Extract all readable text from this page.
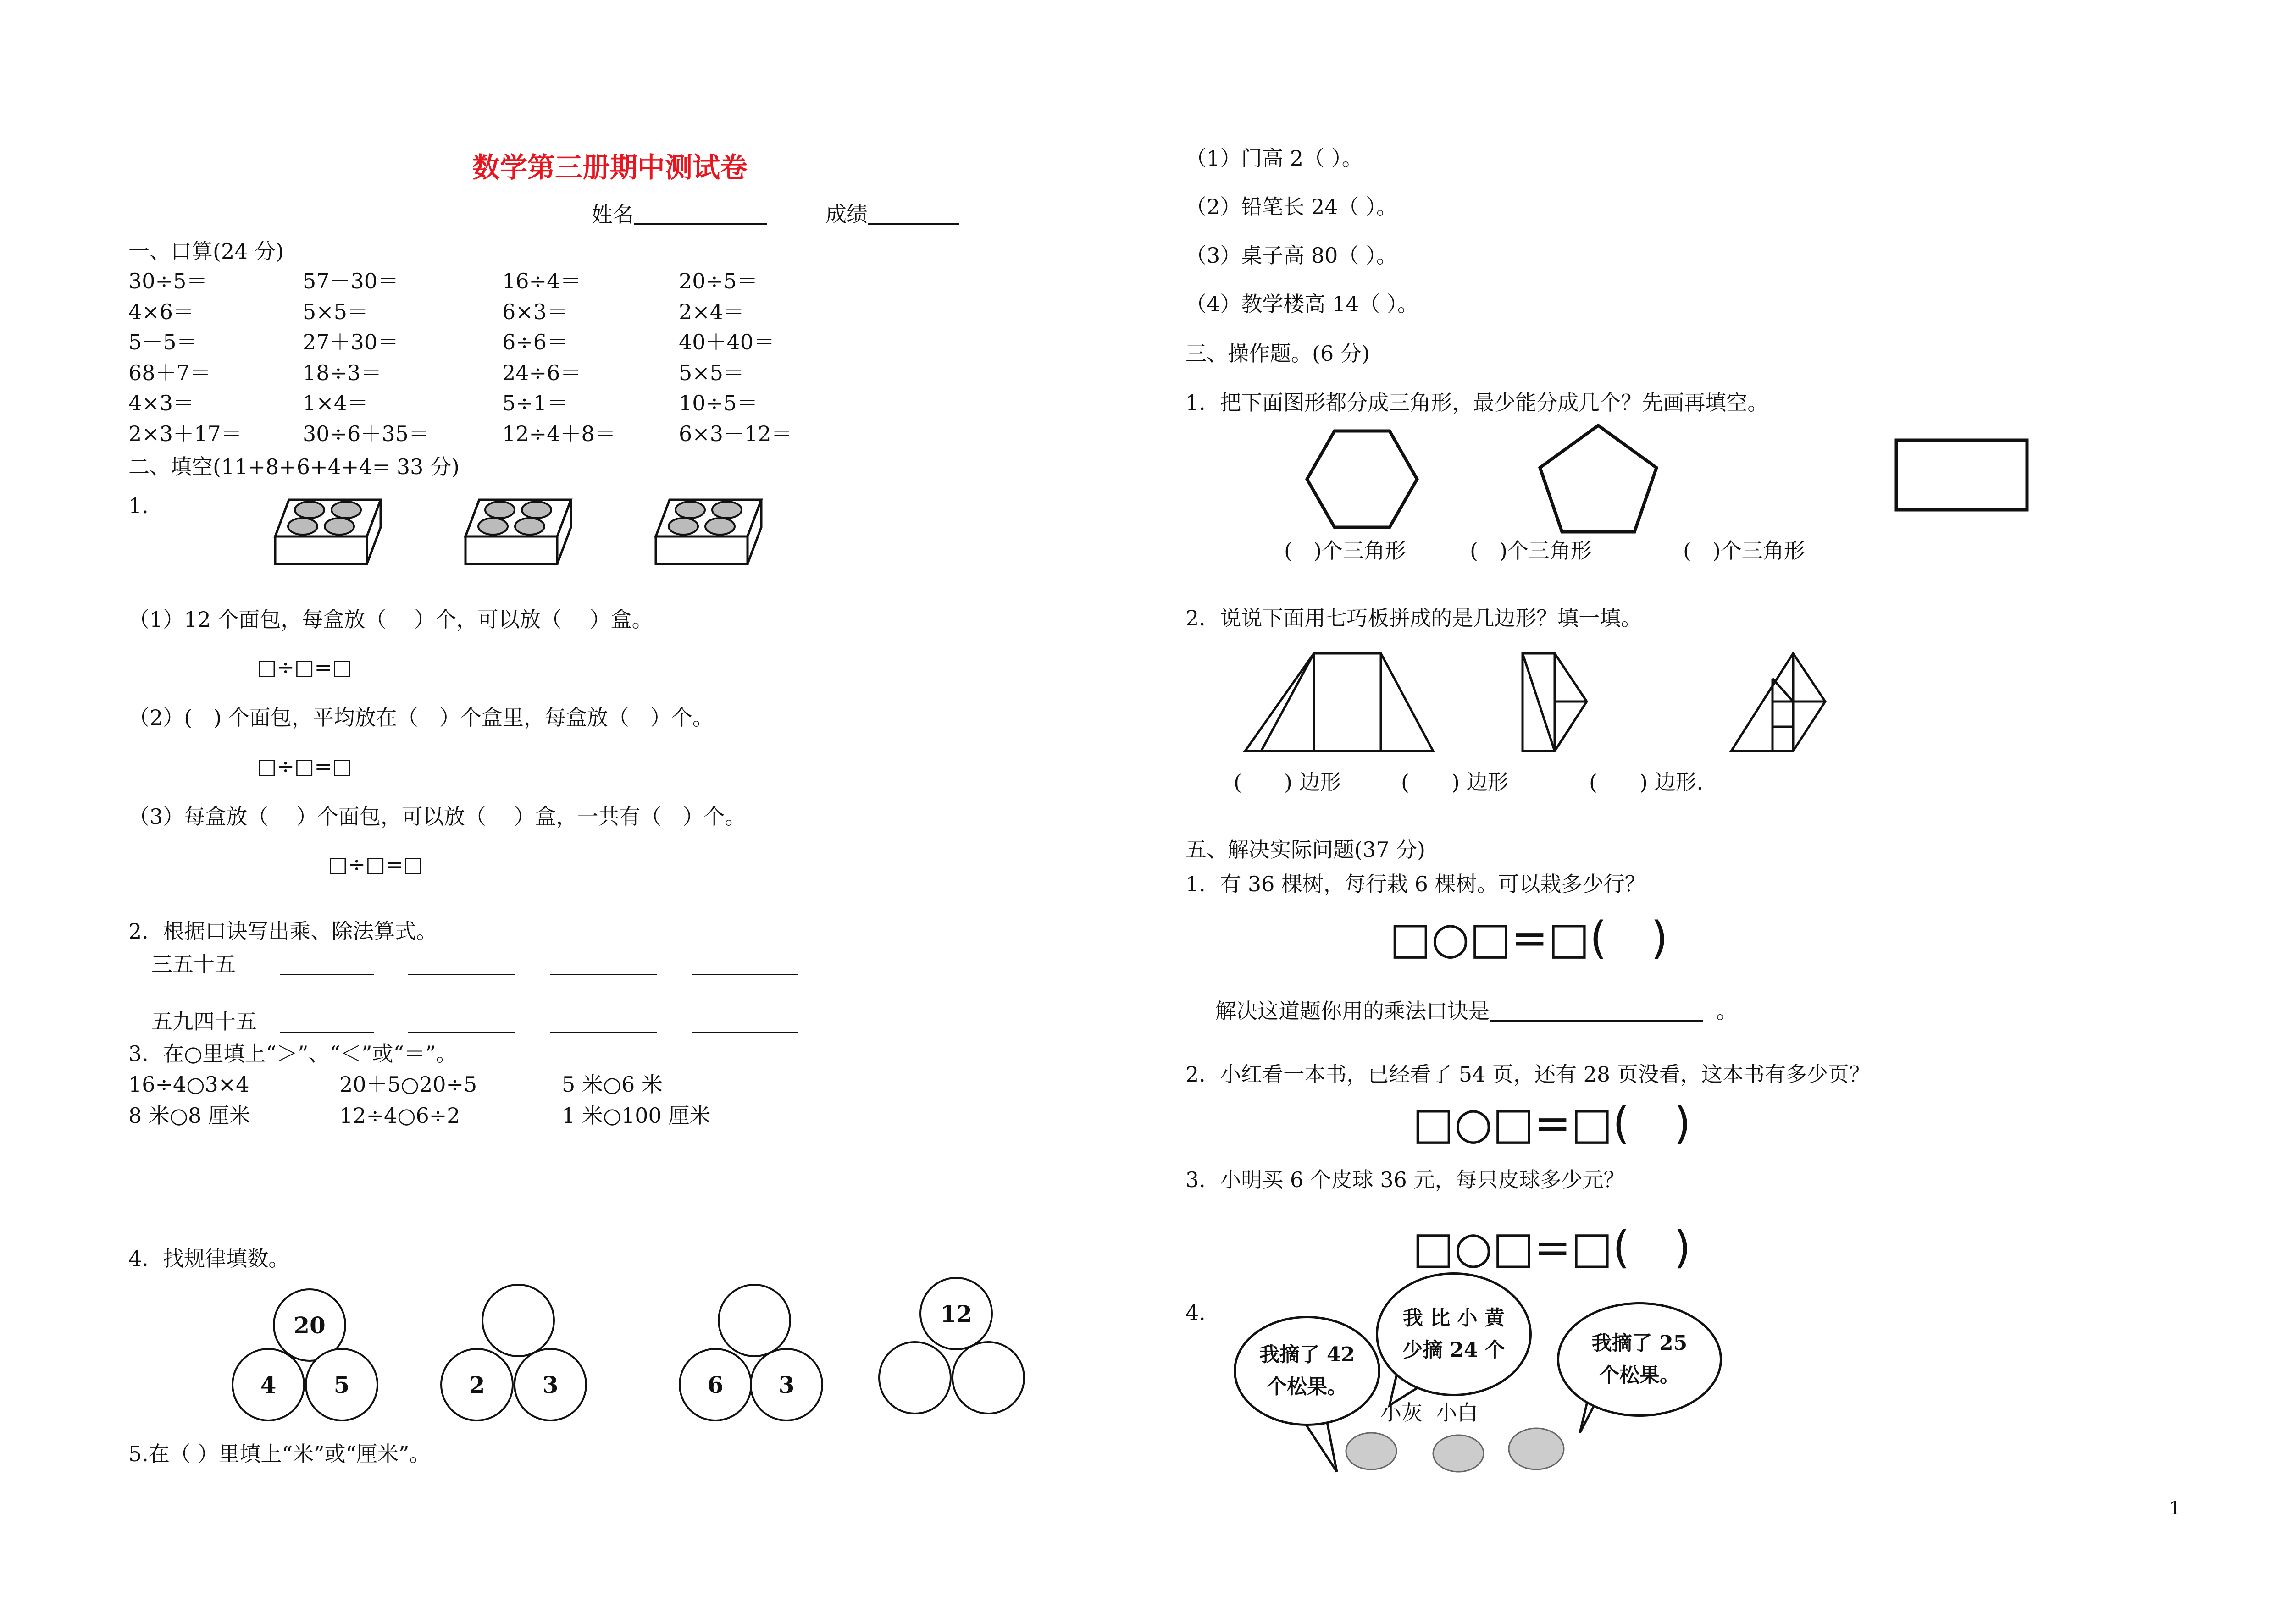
数学第三册期中测试卷
姓名	成绩
一、口算(24 分)
30÷5＝	57－30＝	16÷4＝	20÷5＝
4×6＝	5×5＝	6×3＝	2×4＝
5－5＝	27＋30＝	6÷6＝	40＋40＝
68＋7＝	18÷3＝	24÷6＝	5×5＝
4×3＝	1×4＝	5÷1＝	10÷5＝
2×3＋17＝	30÷6＋35＝	12÷4＋8＝	6×3－12＝
二、填空(11+8+6+4+4= 33 分)
1．
（1）12 个面包，每盒放（　 ）个，可以放（　 ）盒。
□÷□=□
（2）(　) 个面包，平均放在（　）个盒里，每盒放（　）个。
□÷□=□
（3）每盒放（　 ）个面包，可以放（　 ）盒，一共有（　）个。
□÷□=□
2．根据口诀写出乘、除法算式。
三五十五
五九四十五
3．在○里填上“＞”、“＜”或“＝”。
16÷4○3×4	20＋5○20÷5	5 米○6 米
8 米○8 厘米	12÷4○6÷2	1 米○100 厘米
4．找规律填数。
20
4	5	2	3	6	3
12
5.在（ ）里填上“米”或“厘米”。
（1）门高 2（ ）。
（2）铅笔长 24（ ）。
（3）桌子高 80（ ）。
（4）教学楼高 14（ ）。
三、操作题。(6 分)
1．把下面图形都分成三角形，最少能分成几个？先画再填空。
(　)个三角形	(　)个三角形	(　)个三角形
2．说说下面用七巧板拼成的是几边形？填一填。
(　　) 边形	(　　) 边形	(　　) 边形.
五、解决实际问题(37 分)
1．有 36 棵树，每行栽 6 棵树。可以栽多少行？
□○□=□(　)
解决这道题你用的乘法口诀是	。
2．小红看一本书，已经看了 54 页，还有 28 页没看，这本书有多少页？
□○□=□(　)
3．小明买 6 个皮球 36 元，每只皮球多少元？
□○□=□(　)
4．
我摘了 42
个松果。
我 比 小 黄
少摘 24 个	我摘了 25
个松果。
小灰  小白
1
